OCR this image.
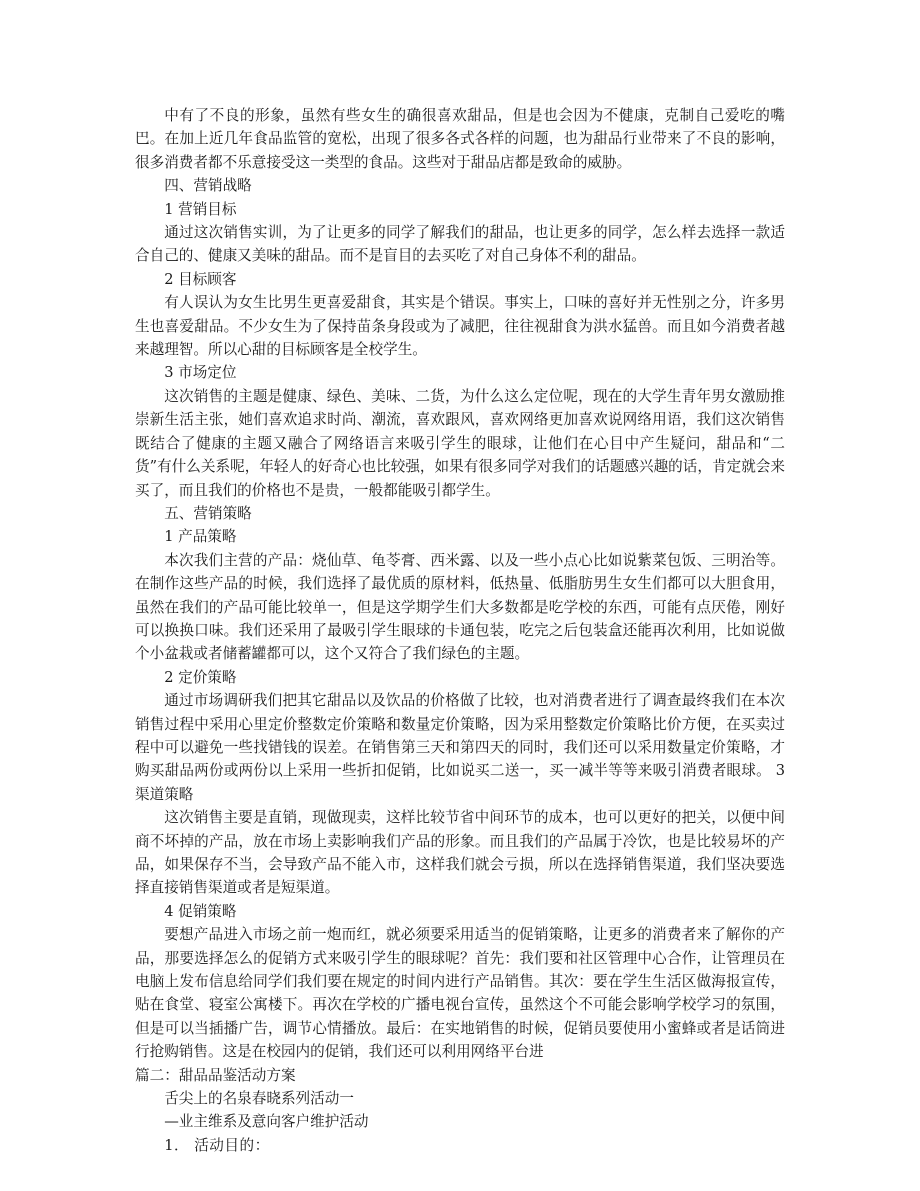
中有了不良的形象，虽然有些女生的确很喜欢甜品，但是也会因为不健康，克制自己爱吃的嘴巴。在加上近几年食品监管的宽松，出现了很多各式各样的问题，也为甜品行业带来了不良的影响，很多消费者都不乐意接受这一类型的食品。这些对于甜品店都是致命的威胁。

四、营销战略

1 营销目标

通过这次销售实训，为了让更多的同学了解我们的甜品，也让更多的同学，怎么样去选择一款适合自己的、健康又美味的甜品。而不是盲目的去买吃了对自己身体不利的甜品。

2 目标顾客

有人误认为女生比男生更喜爱甜食，其实是个错误。事实上，口味的喜好并无性别之分，许多男生也喜爱甜品。不少女生为了保持苗条身段或为了减肥，往往视甜食为洪水猛兽。而且如今消费者越来越理智。所以心甜的目标顾客是全校学生。

3 市场定位

这次销售的主题是健康、绿色、美味、二货，为什么这么定位呢，现在的大学生青年男女激励推崇新生活主张，她们喜欢追求时尚、潮流，喜欢跟风，喜欢网络更加喜欢说网络用语，我们这次销售既结合了健康的主题又融合了网络语言来吸引学生的眼球，让他们在心目中产生疑问，甜品和“二货”有什么关系呢，年轻人的好奇心也比较强，如果有很多同学对我们的话题感兴趣的话，肯定就会来买了，而且我们的价格也不是贵，一般都能吸引都学生。

五、营销策略

1 产品策略

本次我们主营的产品：烧仙草、龟苓膏、西米露、以及一些小点心比如说紫菜包饭、三明治等。在制作这些产品的时候，我们选择了最优质的原材料，低热量、低脂肪男生女生们都可以大胆食用，虽然在我们的产品可能比较单一，但是这学期学生们大多数都是吃学校的东西，可能有点厌倦，刚好可以换换口味。我们还采用了最吸引学生眼球的卡通包装，吃完之后包装盒还能再次利用，比如说做个小盆栽或者储蓄罐都可以，这个又符合了我们绿色的主题。

2 定价策略

通过市场调研我们把其它甜品以及饮品的价格做了比较，也对消费者进行了调查最终我们在本次销售过程中采用心里定价整数定价策略和数量定价策略，因为采用整数定价策略比价方便，在买卖过程中可以避免一些找错钱的误差。在销售第三天和第四天的同时，我们还可以采用数量定价策略，才购买甜品两份或两份以上采用一些折扣促销，比如说买二送一，买一减半等等来吸引消费者眼球。 3 渠道策略

这次销售主要是直销，现做现卖，这样比较节省中间环节的成本，也可以更好的把关，以便中间商不坏掉的产品，放在市场上卖影响我们产品的形象。而且我们的产品属于冷饮，也是比较易坏的产品，如果保存不当，会导致产品不能入市，这样我们就会亏损，所以在选择销售渠道，我们坚决要选择直接销售渠道或者是短渠道。

4 促销策略

要想产品进入市场之前一炮而红，就必须要采用适当的促销策略，让更多的消费者来了解你的产品，那要选择怎么的促销方式来吸引学生的眼球呢？首先：我们要和社区管理中心合作，让管理员在电脑上发布信息给同学们我们要在规定的时间内进行产品销售。其次：要在学生生活区做海报宣传，贴在食堂、寝室公寓楼下。再次在学校的广播电视台宣传，虽然这个不可能会影响学校学习的氛围，但是可以当插播广告，调节心情播放。最后：在实地销售的时候，促销员要使用小蜜蜂或者是话筒进行抢购销售。这是在校园内的促销，我们还可以利用网络平台进

篇二：甜品品鉴活动方案

舌尖上的名泉春晓系列活动一

—业主维系及意向客户维护活动

1． 活动目的：
